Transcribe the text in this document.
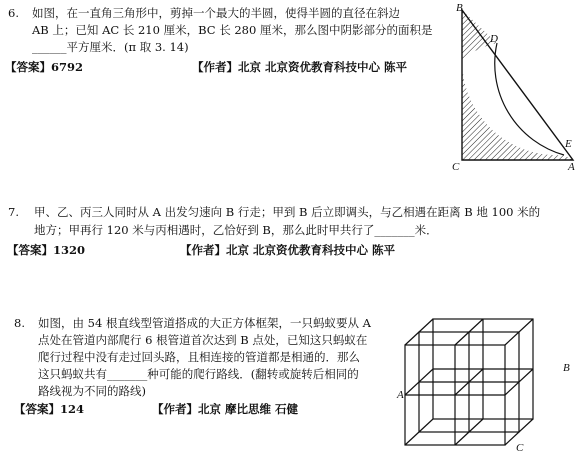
6. 如图，在一直角三角形中，剪掉一个最大的半圆，使得半圆的直径在斜边
AB 上；已知 AC 长 210 厘米，BC 长 280 厘米，那么图中阴影部分的面积是
______平方厘米．(π 取 3. 14)
【答案】6792	【作者】北京 北京资优教育科技中心 陈平
7. 甲、乙、丙三人同时从 A 出发匀速向 B 行走；甲到 B 后立即调头，与乙相遇在距离 B 地 100 米的
地方；甲再行 120 米与丙相遇时，乙恰好到 B，那么此时甲共行了_______米．
【答案】1320	【作者】北京 北京资优教育科技中心 陈平
8. 如图，由 54 根直线型管道搭成的大正方体框架，一只蚂蚁要从 A
点处在管道内部爬行 6 根管道首次达到 B 点处，已知这只蚂蚁在
爬行过程中没有走过回头路，且相连接的管道都是相通的．那么
这只蚂蚁共有_______种可能的爬行路线．(翻转或旋转后相同的
路线视为不同的路线)
【答案】124	【作者】北京 摩比思维 石健
B
D
E
C	A
A
B
C
